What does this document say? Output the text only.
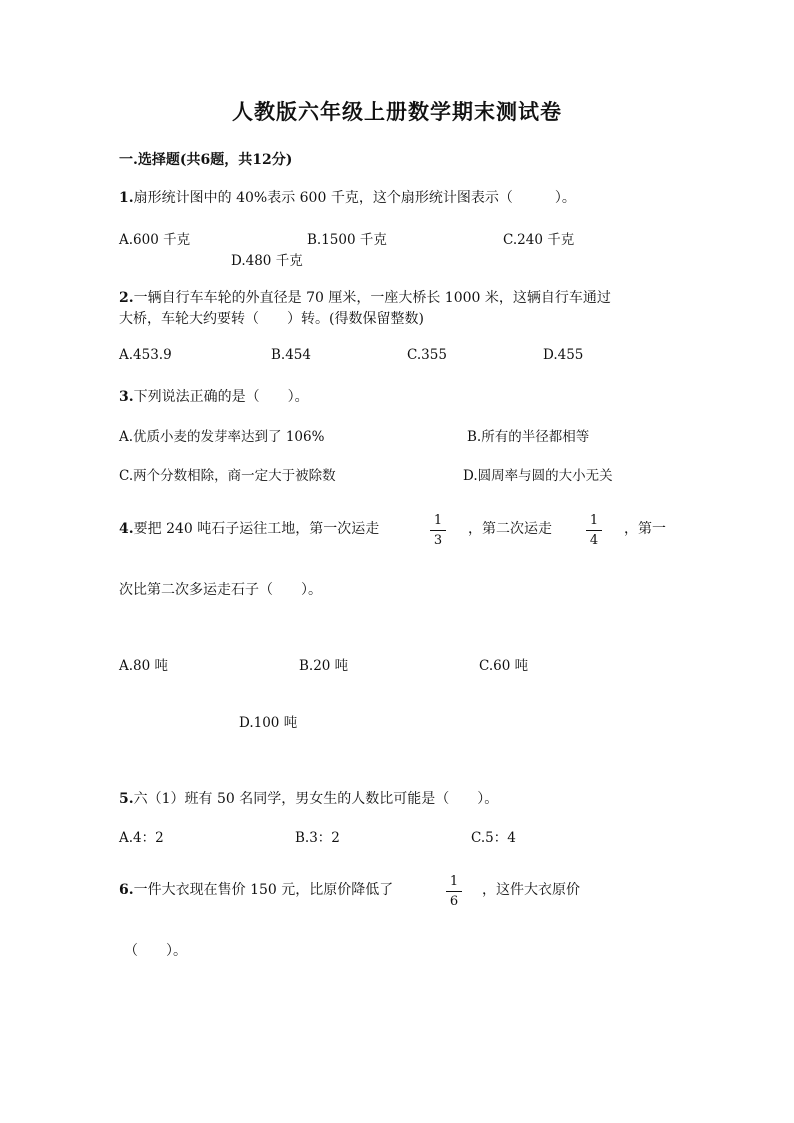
人教版六年级上册数学期末测试卷
一.选择题(共6题，共12分)
1.扇形统计图中的 40%表示 600 千克，这个扇形统计图表示（　　　）。
A.600 千克	B.1500 千克	C.240 千克
D.480 千克
2.一辆自行车车轮的外直径是 70 厘米，一座大桥长 1000 米，这辆自行车通过
大桥，车轮大约要转（　　）转。(得数保留整数)
A.453.9	B.454	C.355	D.455
3.下列说法正确的是（　　）。
A.优质小麦的发芽率达到了 106%	B.所有的半径都相等
C.两个分数相除，商一定大于被除数	D.圆周率与圆的大小无关
4.要把 240 吨石子运往工地，第一次运走
1
3
，第二次运走
1
4
，第一
次比第二次多运走石子（　　）。
A.80 吨	B.20 吨	C.60 吨
D.100 吨
5.六（1）班有 50 名同学，男女生的人数比可能是（　　）。
A.4：2	B.3：2	C.5：4
6.一件大衣现在售价 150 元，比原价降低了
1
6
，这件大衣原价
（　　）。
